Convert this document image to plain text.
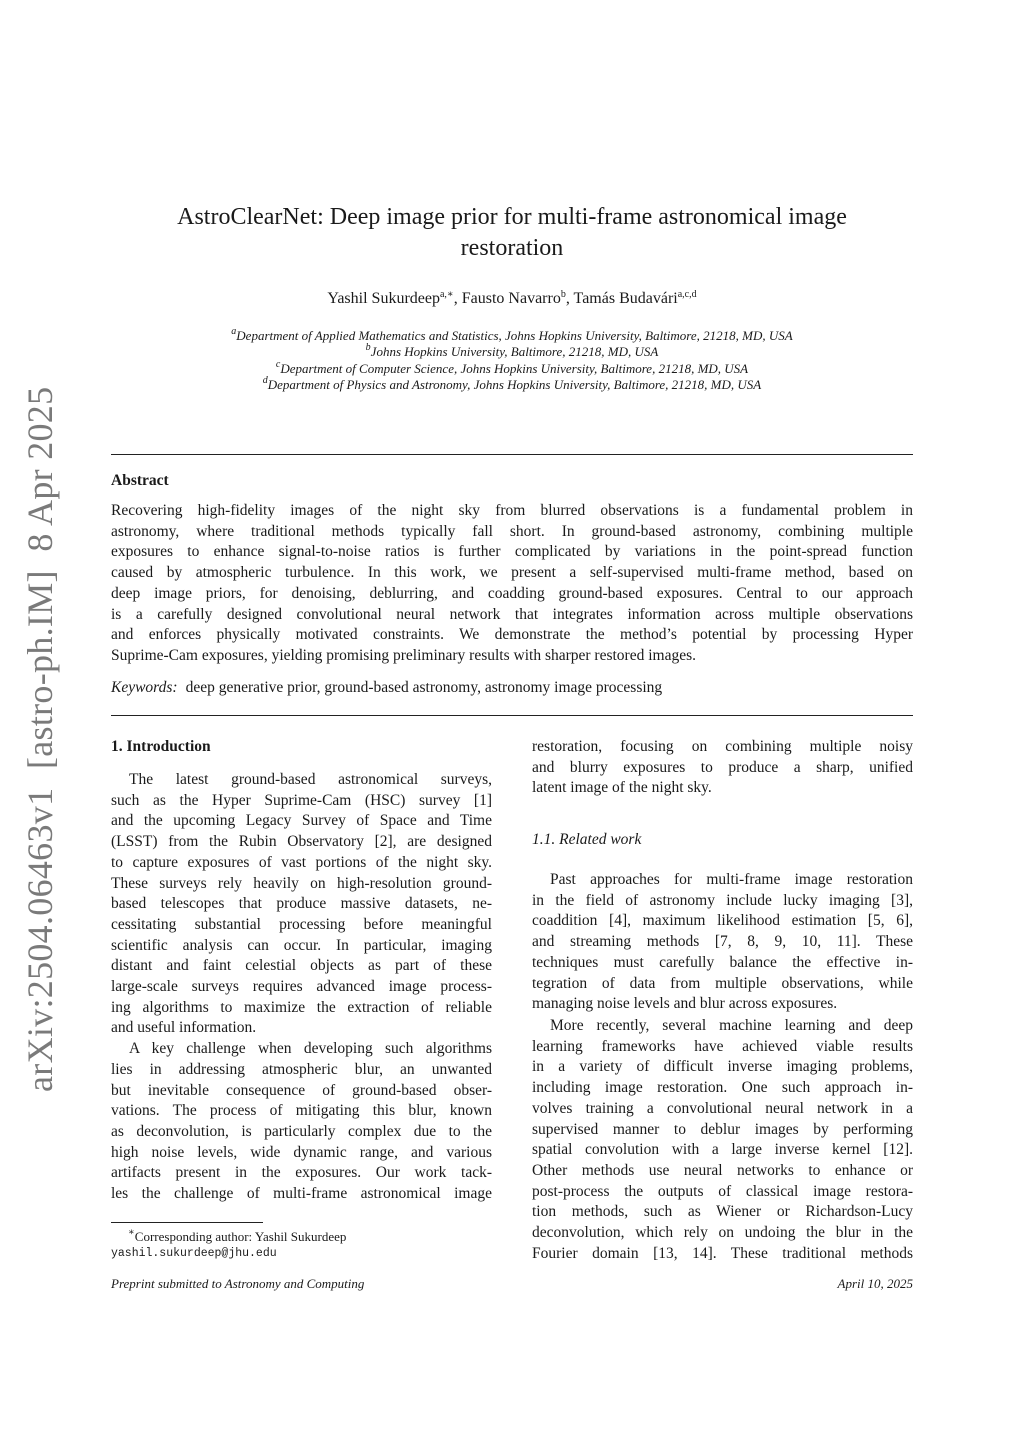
arXiv:2504.06463v1  [astro-ph.IM]  8 Apr 2025
AstroClearNet: Deep image prior for multi-frame astronomical image
restoration
Yashil Sukurdeep$^{a,∗}$, Fausto Navarro$^b$, Tamás Budavári$^{a,c,d}$
$^a$Department of Applied Mathematics and Statistics, Johns Hopkins University, Baltimore, 21218, MD, USA
$^b$Johns Hopkins University, Baltimore, 21218, MD, USA
$^c$Department of Computer Science, Johns Hopkins University, Baltimore, 21218, MD, USA
$^d$Department of Physics and Astronomy, Johns Hopkins University, Baltimore, 21218, MD, USA
Abstract
Recovering high-fidelity images of the night sky from blurred observations is a fundamental problem in
astronomy, where traditional methods typically fall short. In ground-based astronomy, combining multiple
exposures to enhance signal-to-noise ratios is further complicated by variations in the point-spread function
caused by atmospheric turbulence. In this work, we present a self-supervised multi-frame method, based on
deep image priors, for denoising, deblurring, and coadding ground-based exposures. Central to our approach
is a carefully designed convolutional neural network that integrates information across multiple observations
and enforces physically motivated constraints. We demonstrate the method’s potential by processing Hyper
Suprime-Cam exposures, yielding promising preliminary results with sharper restored images.
Keywords: deep generative prior, ground-based astronomy, astronomy image processing
1. Introduction
The latest ground-based astronomical surveys,
such as the Hyper Suprime-Cam (HSC) survey [1]
and the upcoming Legacy Survey of Space and Time
(LSST) from the Rubin Observatory [2], are designed
to capture exposures of vast portions of the night sky.
These surveys rely heavily on high-resolution ground-
based telescopes that produce massive datasets, ne-
cessitating substantial processing before meaningful
scientific analysis can occur. In particular, imaging
distant and faint celestial objects as part of these
large-scale surveys requires advanced image process-
ing algorithms to maximize the extraction of reliable
and useful information.
A key challenge when developing such algorithms
lies in addressing atmospheric blur, an unwanted
but inevitable consequence of ground-based obser-
vations. The process of mitigating this blur, known
as deconvolution, is particularly complex due to the
high noise levels, wide dynamic range, and various
artifacts present in the exposures. Our work tack-
les the challenge of multi-frame astronomical image
restoration, focusing on combining multiple noisy
and blurry exposures to produce a sharp, unified
latent image of the night sky.
1.1. Related work
Past approaches for multi-frame image restoration
in the field of astronomy include lucky imaging [3],
coaddition [4], maximum likelihood estimation [5, 6],
and streaming methods [7, 8, 9, 10, 11]. These
techniques must carefully balance the effective in-
tegration of data from multiple observations, while
managing noise levels and blur across exposures.
More recently, several machine learning and deep
learning frameworks have achieved viable results
in a variety of difficult inverse imaging problems,
including image restoration. One such approach in-
volves training a convolutional neural network in a
supervised manner to deblur images by performing
spatial convolution with a large inverse kernel [12].
Other methods use neural networks to enhance or
post-process the outputs of classical image restora-
tion methods, such as Wiener or Richardson-Lucy
deconvolution, which rely on undoing the blur in the
Fourier domain [13, 14]. These traditional methods
∗Corresponding author: Yashil Sukurdeep
yashil.sukurdeep@jhu.edu
Preprint submitted to Astronomy and Computing	April 10, 2025
